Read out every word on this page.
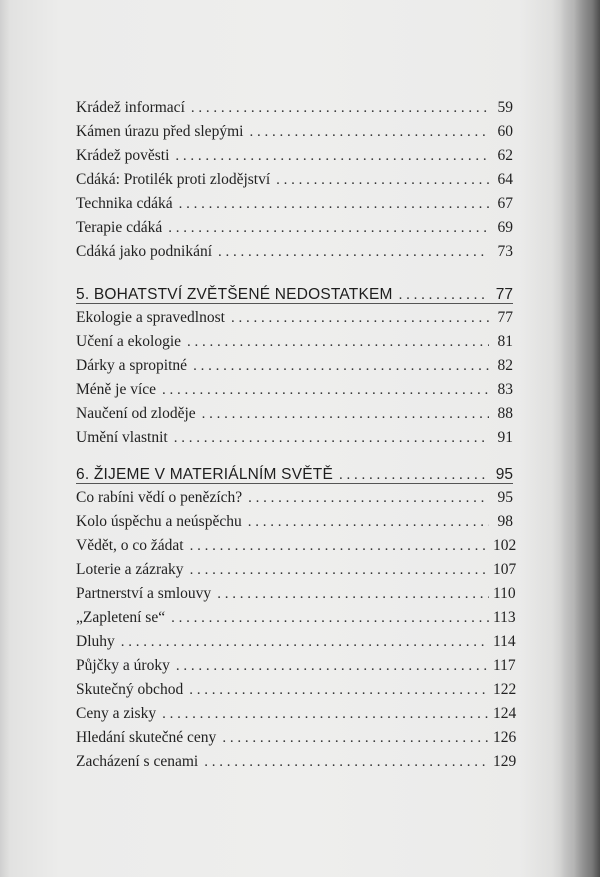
Krádež informací . . .	59
Kámen úrazu před slepými . . .	60
Krádež pověsti . . .	62
Cdáká: Protilék proti zlodějství . . .	64
Technika cdáká . . .	67
Terapie cdáká . . .	69
Cdáká jako podnikání . . .	73
5. BOHATSTVÍ ZVĚTŠENÉ NEDOSTATKEM . . .	77
Ekologie a spravedlnost . . .	77
Učení a ekologie . . .	81
Dárky a spropitné . . .	82
Méně je více . . .	83
Naučení od zloděje . . .	88
Umění vlastnit . . .	91
6. ŽIJEME V MATERIÁLNÍM SVĚTĚ . . .	95
Co rabíni vědí o penězích? . . .	95
Kolo úspěchu a neúspěchu . . .	98
Vědět, o co žádat . . .	102
Loterie a zázraky . . .	107
Partnerství a smlouvy . . .	110
„Zapletení se“ . . .	113
Dluhy . . .	114
Půjčky a úroky . . .	117
Skutečný obchod . . .	122
Ceny a zisky . . .	124
Hledání skutečné ceny . . .	126
Zacházení s cenami . . .	129
